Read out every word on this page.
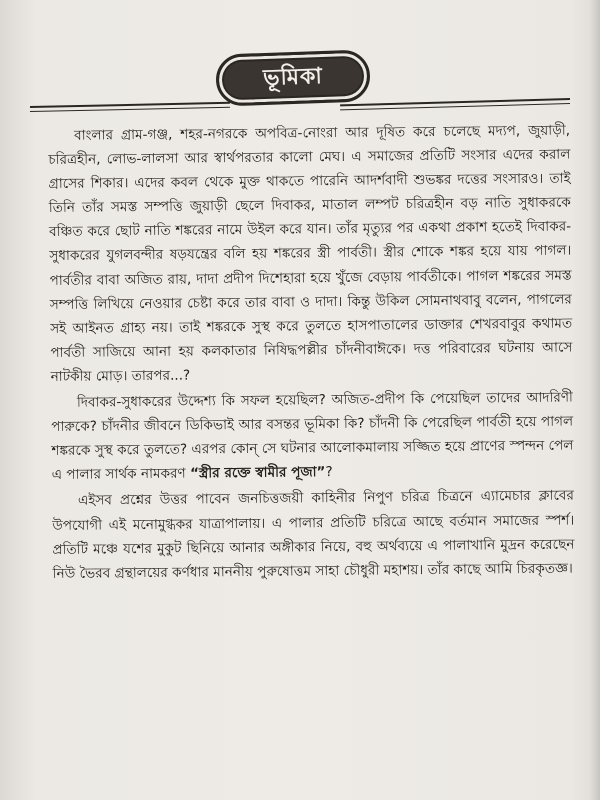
ভূমিকা

বাংলার গ্রাম-গঞ্জ, শহর-নগরকে অপবিত্র-নোংরা আর দূষিত করে চলেছে মদ্যপ, জুয়াড়ী, চরিত্রহীন, লোভ-লালসা আর স্বার্থপরতার কালো মেঘ। এ সমাজের প্রতিটি সংসার এদের করাল গ্রাসের শিকার। এদের কবল থেকে মুক্ত থাকতে পারেনি আদর্শবাদী শুভঙ্কর দত্তের সংসারও। তাই তিনি তাঁর সমস্ত সম্পত্তি জুয়াড়ী ছেলে দিবাকর, মাতাল লম্পট চরিত্রহীন বড় নাতি সুধাকরকে বঞ্চিত করে ছোট নাতি শঙ্করের নামে উইল করে যান। তাঁর মৃত্যুর পর একথা প্রকাশ হতেই দিবাকর-সুধাকরের যুগলবন্দীর ষড়যন্ত্রের বলি হয় শঙ্করের স্ত্রী পার্বতী। স্ত্রীর শোকে শঙ্কর হয়ে যায় পাগল। পার্বতীর বাবা অজিত রায়, দাদা প্রদীপ দিশেহারা হয়ে খুঁজে বেড়ায় পার্বতীকে। পাগল শঙ্করের সমস্ত সম্পত্তি লিখিয়ে নেওয়ার চেষ্টা করে তার বাবা ও দাদা। কিন্তু উকিল সোমনাথবাবু বলেন, পাগলের সই আইনত গ্রাহ্য নয়। তাই শঙ্করকে সুস্থ করে তুলতে হাসপাতালের ডাক্তার শেখরবাবুর কথামত পার্বতী সাজিয়ে আনা হয় কলকাতার নিষিদ্ধপল্লীর চাঁদনীবাঈকে। দত্ত পরিবারের ঘটনায় আসে নাটকীয় মোড়। তারপর...?

দিবাকর-সুধাকরের উদ্দেশ্য কি সফল হয়েছিল? অজিত-প্রদীপ কি পেয়েছিল তাদের আদরিণী পারুকে? চাঁদনীর জীবনে ডিকিভাই আর বসন্তর ভূমিকা কি? চাঁদনী কি পেরেছিল পার্বতী হয়ে পাগল শঙ্করকে সুস্থ করে তুলতে? এরপর কোন্ সে ঘটনার আলোকমালায় সজ্জিত হয়ে প্রাণের স্পন্দন পেল এ পালার সার্থক নামকরণ “স্ত্রীর রক্তে স্বামীর পূজা”?

এইসব প্রশ্নের উত্তর পাবেন জনচিত্তজয়ী কাহিনীর নিপুণ চরিত্র চিত্রনে এ্যামেচার ক্লাবের উপযোগী এই মনোমুগ্ধকর যাত্রাপালায়। এ পালার প্রতিটি চরিত্রে আছে বর্তমান সমাজের স্পর্শ। প্রতিটি মঞ্চে যশের মুকুট ছিনিয়ে আনার অঙ্গীকার নিয়ে, বহু অর্থব্যয়ে এ পালাখানি মুদ্রন করেছেন নিউ ভৈরব গ্রন্থালয়ের কর্ণধার মাননীয় পুরুষোত্তম সাহা চৌধুরী মহাশয়। তাঁর কাছে আমি চিরকৃতজ্ঞ।
